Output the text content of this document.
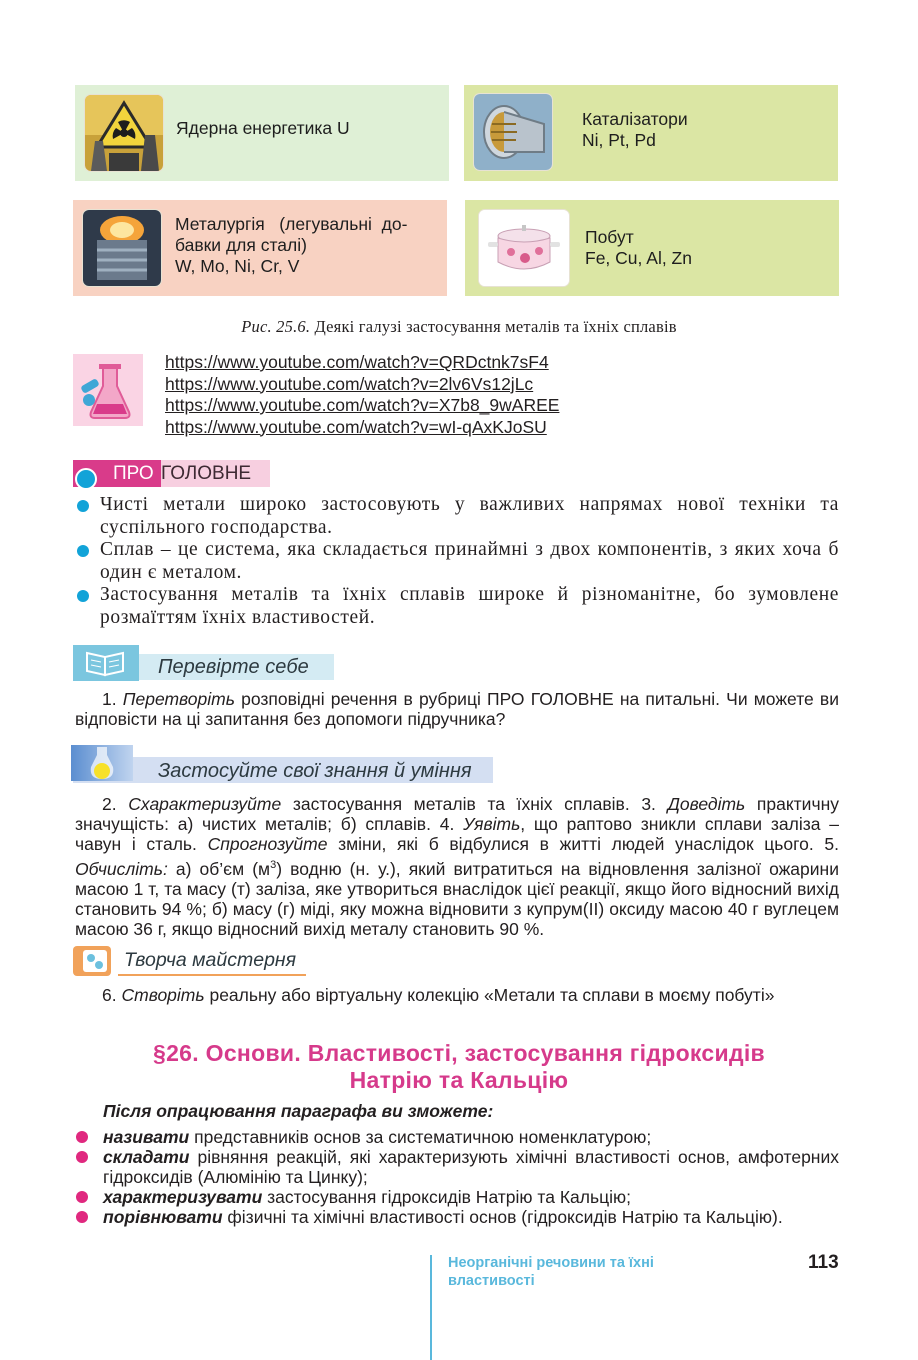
Ядерна енергетика U	Каталізатори
Ni, Pt, Pd
Металургія   (легувальні  до-
бавки для сталі)
W, Mo, Ni, Cr, V
Побут
Fe, Cu, Al, Zn
Рис. 25.6. Деякі галузі застосування металів та їхніх сплавів
https://www.youtube.com/watch?v=QRDctnk7sF4
https://www.youtube.com/watch?v=2lv6Vs12jLc
https://www.youtube.com/watch?v=X7b8_9wAREE
https://www.youtube.com/watch?v=wI-qAxKJoSU
ПРО ГОЛОВНЕ
Чисті метали широко застосовують у важливих напрямах нової техніки та суспільного господарства.
Сплав – це система, яка складається принаймні з двох компонентів, з яких хоча б один є металом.
Застосування металів та їхніх сплавів широке й різноманітне, бо зумовлене розмаїттям їхніх властивостей.
Перевірте себе
1. Перетворіть розповідні речення в рубриці ПРО ГОЛОВНЕ на питальні. Чи можете ви відповісти на ці запитання без допомоги підручника?
Застосуйте свої знання й уміння
2. Схарактеризуйте застосування металів та їхніх сплавів. 3. Доведіть практичну значущість: а) чистих металів; б) сплавів. 4. Уявіть, що раптово зникли сплави заліза – чавун і сталь. Спрогнозуйте зміни, які б відбулися в житті людей унаслідок цього. 5. Обчисліть: а) об’єм $(м^3)$ водню (н. у.), який витратиться на відновлення залізної ожарини масою 1 т, та масу (т) заліза, яке утвориться внаслідок цієї реакції, якщо його відносний вихід становить 94 %; б) масу (г) міді, яку можна відновити з купрум(ІІ) оксиду масою 40 г вуглецем масою 36 г, якщо відносний вихід металу становить 90 %.
Творча майстерня
6. Створіть реальну або віртуальну колекцію «Метали та сплави в моєму побуті»
§26. Основи. Властивості, застосування гідроксидів
Натрію та Кальцію
Після опрацювання параграфа ви зможете:
називати представників основ за систематичною номенклатурою;
складати рівняння реакцій, які характеризують хімічні властивості основ, амфотерних гідроксидів (Алюмінію та Цинку);
характеризувати застосування гідроксидів Натрію та Кальцію;
порівнювати фізичні та хімічні властивості основ (гідроксидів Натрію та Кальцію).
Неорганічні речовини та їхні
властивості
113
